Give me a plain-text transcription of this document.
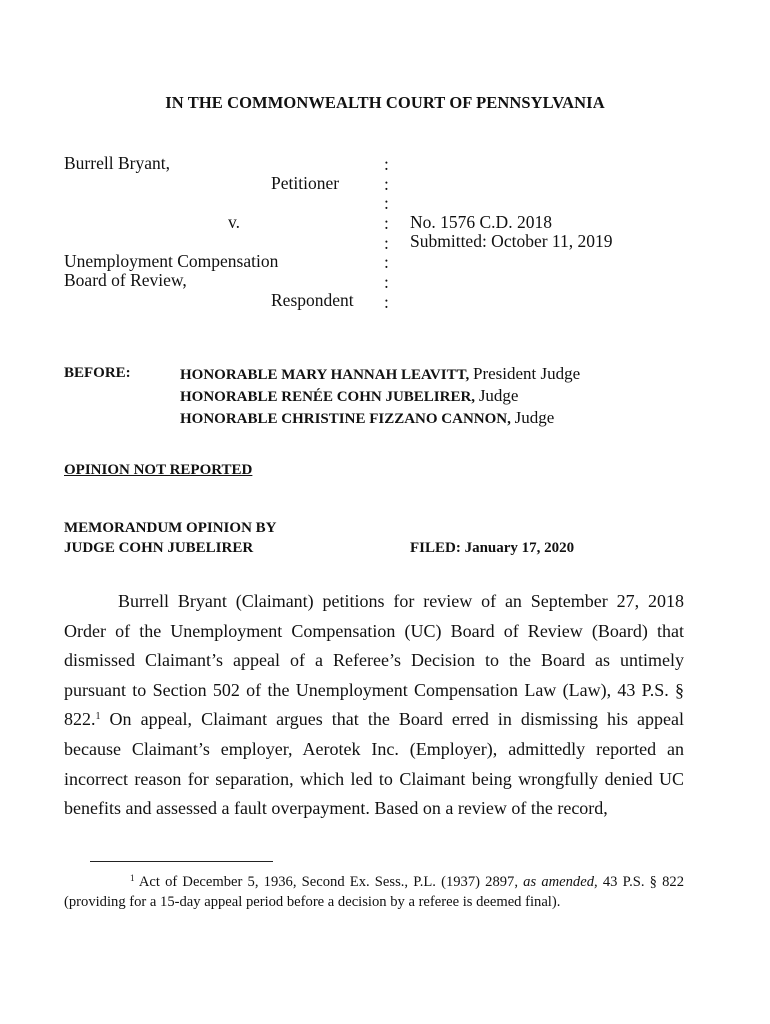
IN THE COMMONWEALTH COURT OF PENNSYLVANIA
Burrell Bryant,
Petitioner
v.
Unemployment Compensation
Board of Review,
Respondent
:
:
:
:
:
:
:
:
No. 1576 C.D. 2018
Submitted: October 11, 2019
BEFORE:	HONORABLE MARY HANNAH LEAVITT, President Judge
HONORABLE RENÉE COHN JUBELIRER, Judge
HONORABLE CHRISTINE FIZZANO CANNON, Judge
OPINION NOT REPORTED
MEMORANDUM OPINION BY
JUDGE COHN JUBELIRER	FILED: January 17, 2020

Burrell Bryant (Claimant) petitions for review of an September 27, 2018 Order of the Unemployment Compensation (UC) Board of Review (Board) that dismissed Claimant’s appeal of a Referee’s Decision to the Board as untimely pursuant to Section 502 of the Unemployment Compensation Law (Law), 43 P.S. § 822.$^1$ On appeal, Claimant argues that the Board erred in dismissing his appeal because Claimant’s employer, Aerotek Inc. (Employer), admittedly reported an incorrect reason for separation, which led to Claimant being wrongfully denied UC benefits and assessed a fault overpayment. Based on a review of the record,

$^1$ Act of December 5, 1936, Second Ex. Sess., P.L. (1937) 2897, as amended, 43 P.S. § 822 (providing for a 15-day appeal period before a decision by a referee is deemed final).
